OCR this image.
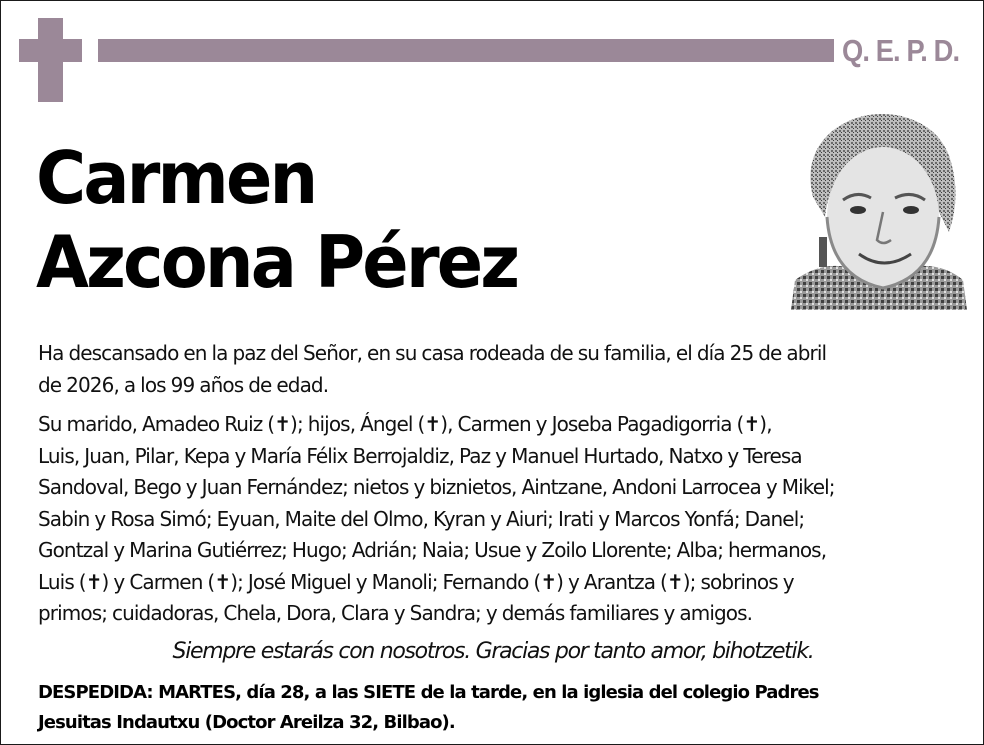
Q. E. P. D.
Carmen
Azcona Pérez
Ha descansado en la paz del Señor, en su casa rodeada de su familia, el día 25 de abril
de 2026, a los 99 años de edad.
Su marido, Amadeo Ruiz (✝); hijos, Ángel (✝), Carmen y Joseba Pagadigorria (✝),
Luis, Juan, Pilar, Kepa y María Félix Berrojaldiz, Paz y Manuel Hurtado, Natxo y Teresa
Sandoval, Bego y Juan Fernández; nietos y biznietos, Aintzane, Andoni Larrocea y Mikel;
Sabin y Rosa Simó; Eyuan, Maite del Olmo, Kyran y Aiuri; Irati y Marcos Yonfá; Danel;
Gontzal y Marina Gutiérrez; Hugo; Adrián; Naia; Usue y Zoilo Llorente; Alba; hermanos,
Luis (✝) y Carmen (✝); José Miguel y Manoli; Fernando (✝) y Arantza (✝); sobrinos y
primos; cuidadoras, Chela, Dora, Clara y Sandra; y demás familiares y amigos.
Siempre estarás con nosotros. Gracias por tanto amor, bihotzetik.
DESPEDIDA: MARTES, día 28, a las SIETE de la tarde, en la iglesia del colegio Padres
Jesuitas Indautxu (Doctor Areilza 32, Bilbao).
